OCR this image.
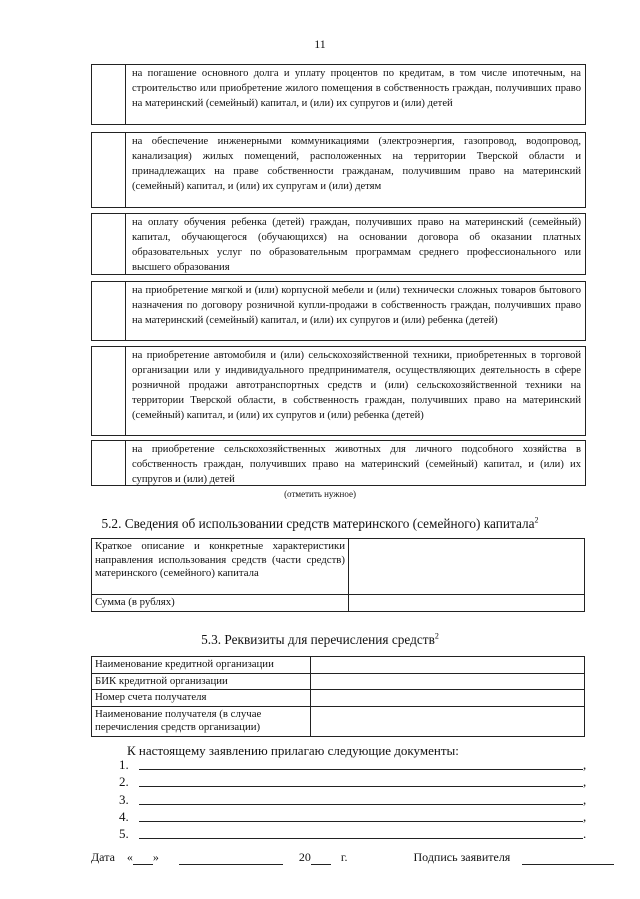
11

на погашение основного долга и уплату процентов по кредитам, в том числе ипотечным, на строительство или приобретение жилого помещения в собственность граждан, получивших право на материнский (семейный) капитал, и (или) их супругов и (или) детей

на обеспечение инженерными коммуникациями (электроэнергия, газопровод, водопровод, канализация) жилых помещений, расположенных на территории Тверской области и принадлежащих на праве собственности гражданам, получившим право на материнский (семейный) капитал, и (или) их супругам и (или) детям

на оплату обучения ребенка (детей) граждан, получивших право на материнский (семейный) капитал, обучающегося (обучающихся) на основании договора об оказании платных образовательных услуг по образовательным программам среднего профессионального или высшего образования

на приобретение мягкой и (или) корпусной мебели и (или) технически сложных товаров бытового назначения по договору розничной купли-продажи в собственность граждан, получивших право на материнский (семейный) капитал, и (или) их супругов и (или) ребенка (детей)

на приобретение автомобиля и (или) сельскохозяйственной техники, приобретенных в торговой организации или у индивидуального предпринимателя, осуществляющих деятельность в сфере розничной продажи автотранспортных средств и (или) сельскохозяйственной техники на территории Тверской области, в собственность граждан, получивших право на материнский (семейный) капитал, и (или) их супругов и (или) ребенка (детей)

на приобретение сельскохозяйственных животных для личного подсобного хозяйства в собственность граждан, получивших право на материнский (семейный) капитал, и (или) их супругов и (или) детей

(отметить нужное)
5.2. Сведения об использовании средств материнского (семейного) капитала$^2$
Краткое описание и конкретные характеристики направления использования средств (части средств) материнского (семейного) капитала	
Сумма (в рублях)	
5.3. Реквизиты для перечисления средств$^2$
Наименование кредитной организации	
БИК кредитной организации	
Номер счета получателя	
Наименование получателя (в случае перечисления средств организации)	
К настоящему заявлению прилагаю следующие документы:
1.	,
2.	,
3.	,
4.	,
5.	.
Дата « »	20	г.	Подпись заявителя
